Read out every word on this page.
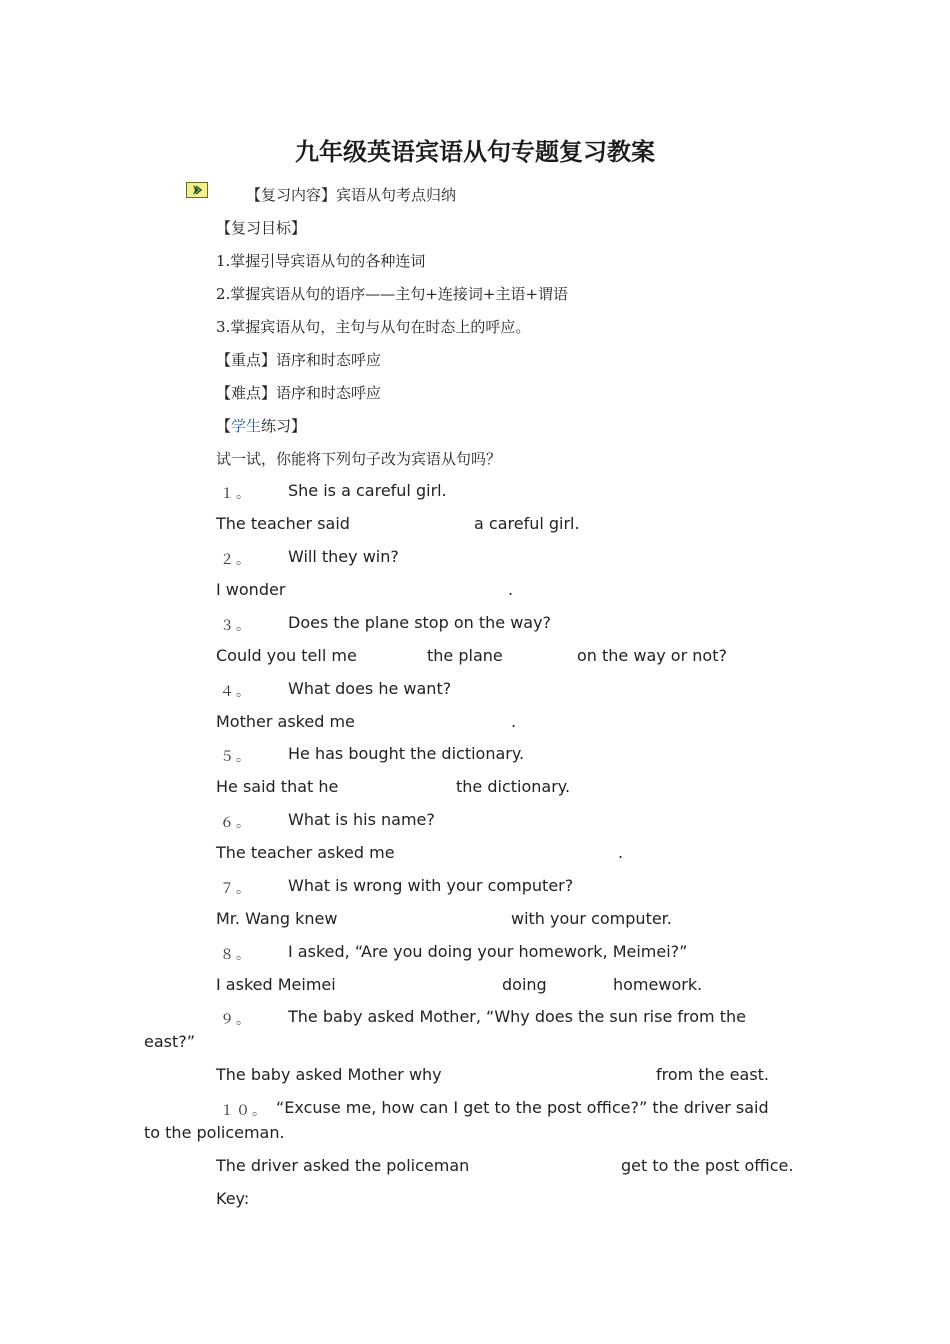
九年级英语宾语从句专题复习教案

【复习内容】宾语从句考点归纳

【复习目标】

1.掌握引导宾语从句的各种连词

2.掌握宾语从句的语序——主句+连接词+主语+谓语

3.掌握宾语从句，主句与从句在时态上的呼应。

【重点】语序和时态呼应

【难点】语序和时态呼应

【学生练习】

试一试，你能将下列句子改为宾语从句吗？

１。 She is a careful girl.
The teacher said	a careful girl.
２。 Will they win?
I wonder	.
３。 Does the plane stop on the way?
Could you tell me	the plane	on the way or not?
４。 What does he want?
Mother asked me	.
５。 He has bought the dictionary.
He said that he	the dictionary.
６。 What is his name?
The teacher asked me	.
７。 What is wrong with your computer?
Mr. Wang knew	with your computer.
８。 I asked, “Are you doing your homework, Meimei?”
I asked Meimei	doing	homework.
９。 The baby asked Mother, “Why does the sun rise from the
east?”
The baby asked Mother why	from the east.
１０。 “Excuse me, how can I get to the post office?” the driver said
to the policeman.
The driver asked the policeman	get to the post office.
Key:
